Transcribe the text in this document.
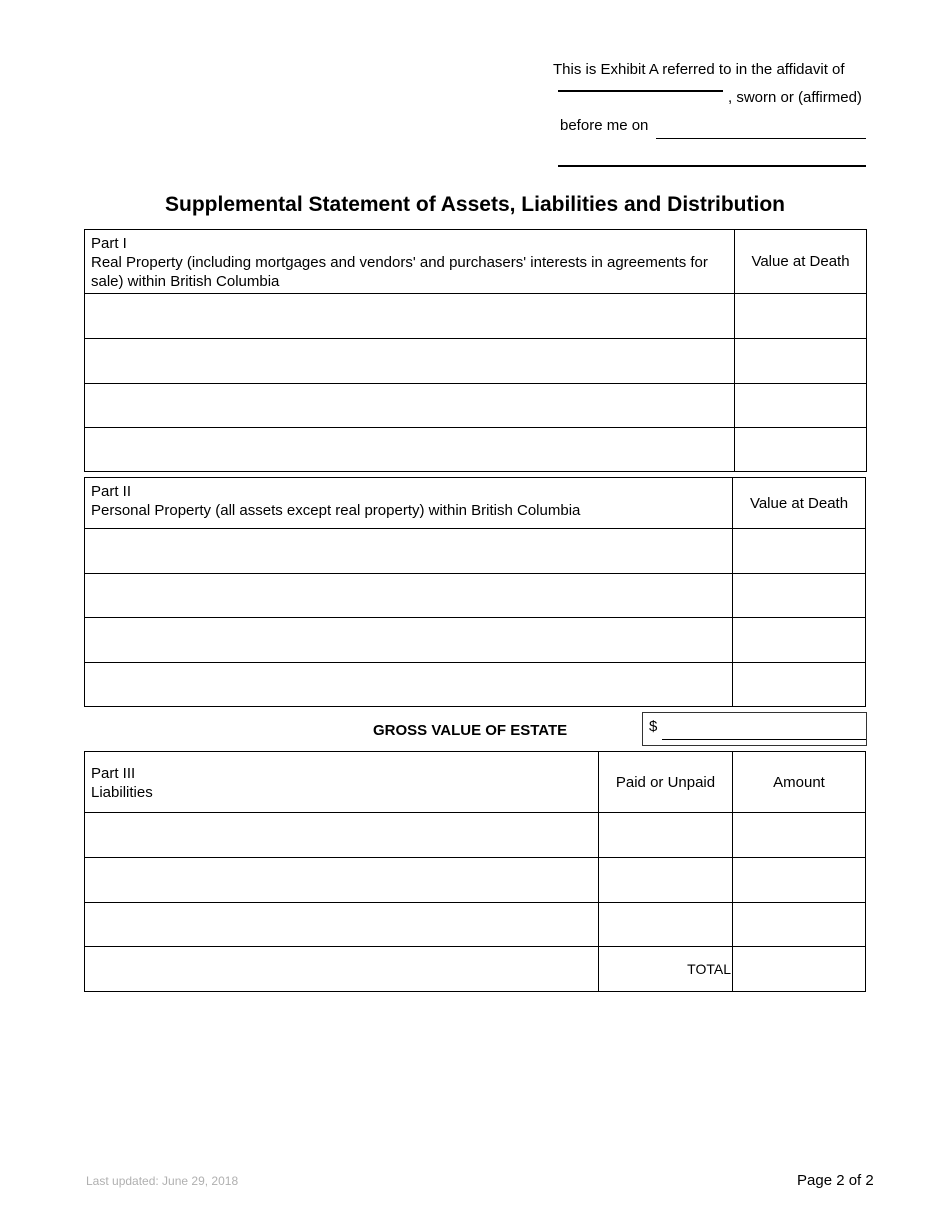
This is Exhibit A referred to in the affidavit of
, sworn or (affirmed)
before me on
Supplemental Statement of Assets, Liabilities and Distribution
Part I
Real Property (including mortgages and vendors' and purchasers' interests in agreements for sale) within British Columbia	Value at Death

Part II
Personal Property (all assets except real property) within British Columbia	Value at Death

GROSS VALUE OF ESTATE	$
Part III
Liabilities	Paid or Unpaid	Amount

	TOTAL	
Last updated: June 29, 2018	Page 2 of 2
